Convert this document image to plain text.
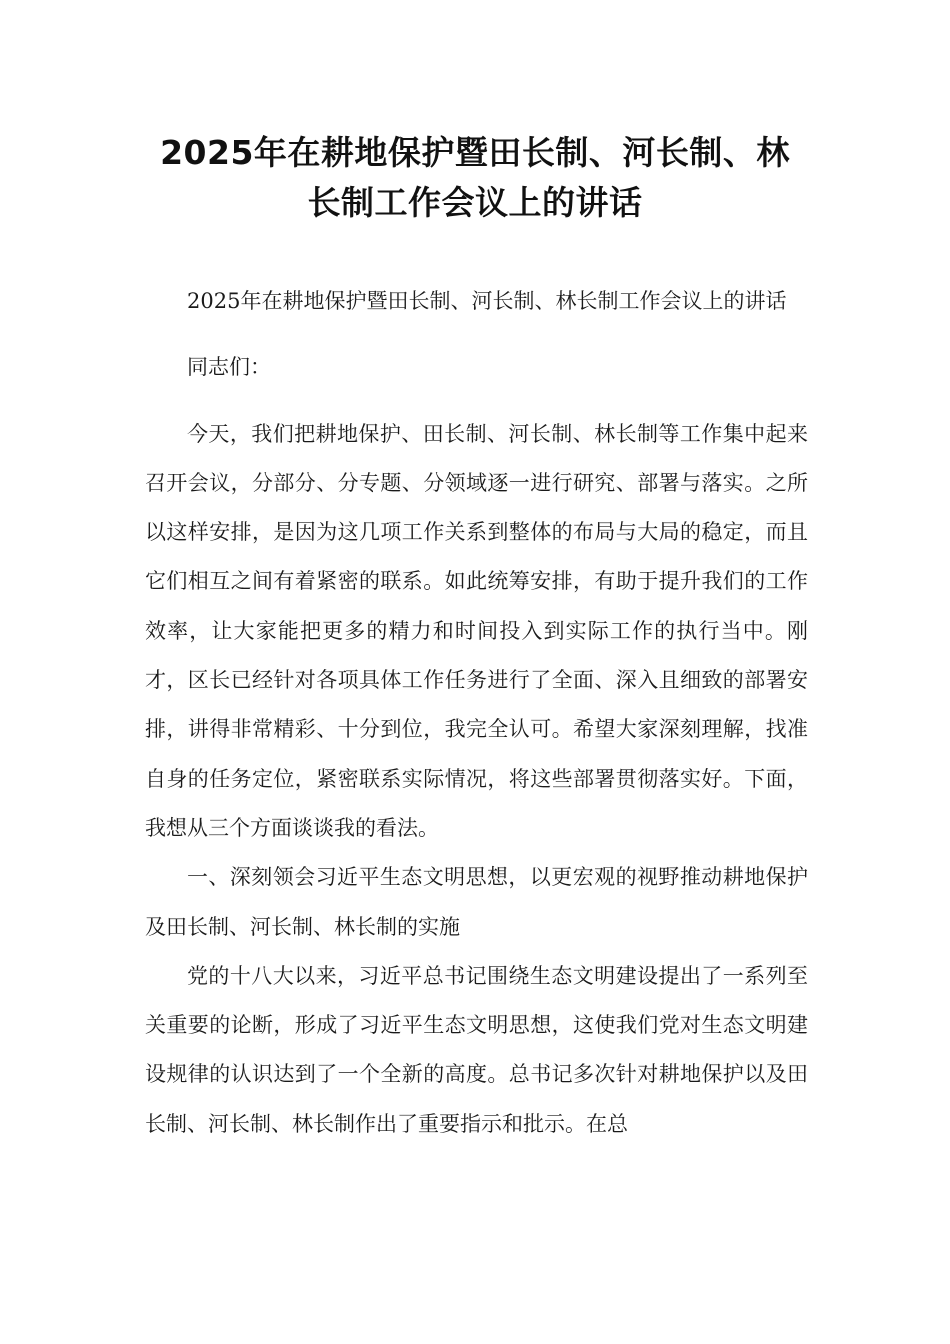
2025年在耕地保护暨田长制、河长制、林
长制工作会议上的讲话

2025年在耕地保护暨田长制、河长制、林长制工作会议上的讲话

同志们：

今天，我们把耕地保护、田长制、河长制、林长制等工作集中起来召开会议，分部分、分专题、分领域逐一进行研究、部署与落实。之所以这样安排，是因为这几项工作关系到整体的布局与大局的稳定，而且它们相互之间有着紧密的联系。如此统筹安排，有助于提升我们的工作效率，让大家能把更多的精力和时间投入到实际工作的执行当中。刚才，区长已经针对各项具体工作任务进行了全面、深入且细致的部署安排，讲得非常精彩、十分到位，我完全认可。希望大家深刻理解，找准自身的任务定位，紧密联系实际情况，将这些部署贯彻落实好。下面，我想从三个方面谈谈我的看法。

一、深刻领会习近平生态文明思想，以更宏观的视野推动耕地保护及田长制、河长制、林长制的实施

党的十八大以来，习近平总书记围绕生态文明建设提出了一系列至关重要的论断，形成了习近平生态文明思想，这使我们党对生态文明建设规律的认识达到了一个全新的高度。总书记多次针对耕地保护以及田长制、河长制、林长制作出了重要指示和批示。在总
